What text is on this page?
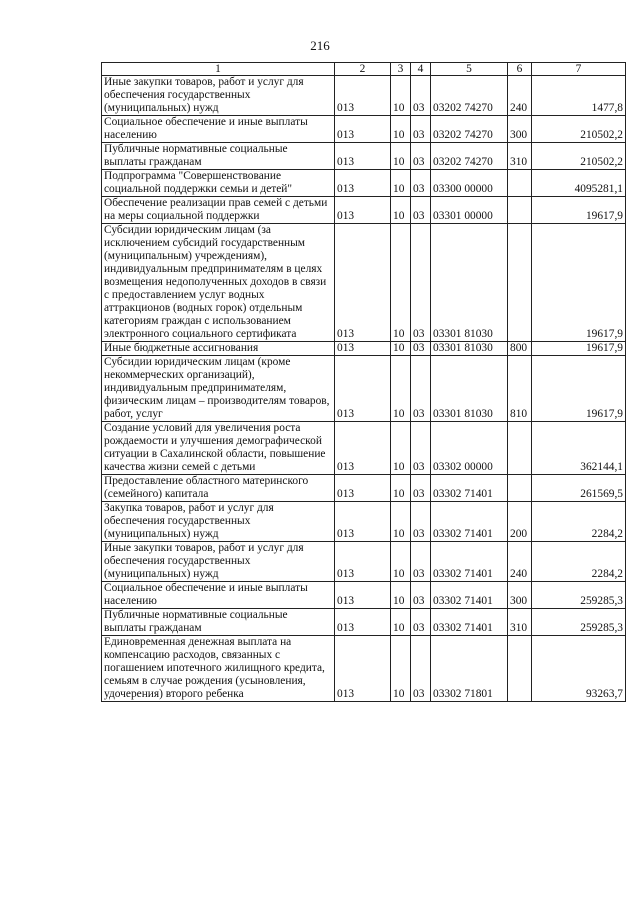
216
1	2	3	4	5	6	7
Иные закупки товаров, работ и услуг для обеспечения государственных (муниципальных) нужд	013	10	03	03202 74270	240	1477,8
Социальное обеспечение и иные выплаты населению	013	10	03	03202 74270	300	210502,2
Публичные нормативные социальные выплаты гражданам	013	10	03	03202 74270	310	210502,2
Подпрограмма "Совершенствование социальной поддержки семьи и детей"	013	10	03	03300 00000		4095281,1
Обеспечение реализации прав семей с детьми на меры социальной поддержки	013	10	03	03301 00000		19617,9
Субсидии юридическим лицам (за исключением субсидий государственным (муниципальным) учреждениям), индивидуальным предпринимателям в целях возмещения недополученных доходов в связи с предоставлением услуг водных аттракционов (водных горок) отдельным категориям граждан с использованием электронного социального сертификата	013	10	03	03301 81030		19617,9
Иные бюджетные ассигнования	013	10	03	03301 81030	800	19617,9
Субсидии юридическим лицам (кроме некоммерческих организаций), индивидуальным предпринимателям, физическим лицам – производителям товаров, работ, услуг	013	10	03	03301 81030	810	19617,9
Создание условий для увеличения роста рождаемости и улучшения демографической ситуации в Сахалинской области, повышение качества жизни семей с детьми	013	10	03	03302 00000		362144,1
Предоставление областного материнского (семейного) капитала	013	10	03	03302 71401		261569,5
Закупка товаров, работ и услуг для обеспечения государственных (муниципальных) нужд	013	10	03	03302 71401	200	2284,2
Иные закупки товаров, работ и услуг для обеспечения государственных (муниципальных) нужд	013	10	03	03302 71401	240	2284,2
Социальное обеспечение и иные выплаты населению	013	10	03	03302 71401	300	259285,3
Публичные нормативные социальные выплаты гражданам	013	10	03	03302 71401	310	259285,3
Единовременная денежная выплата на компенсацию расходов, связанных с погашением ипотечного жилищного кредита, семьям в случае рождения (усыновления, удочерения) второго ребенка	013	10	03	03302 71801		93263,7
